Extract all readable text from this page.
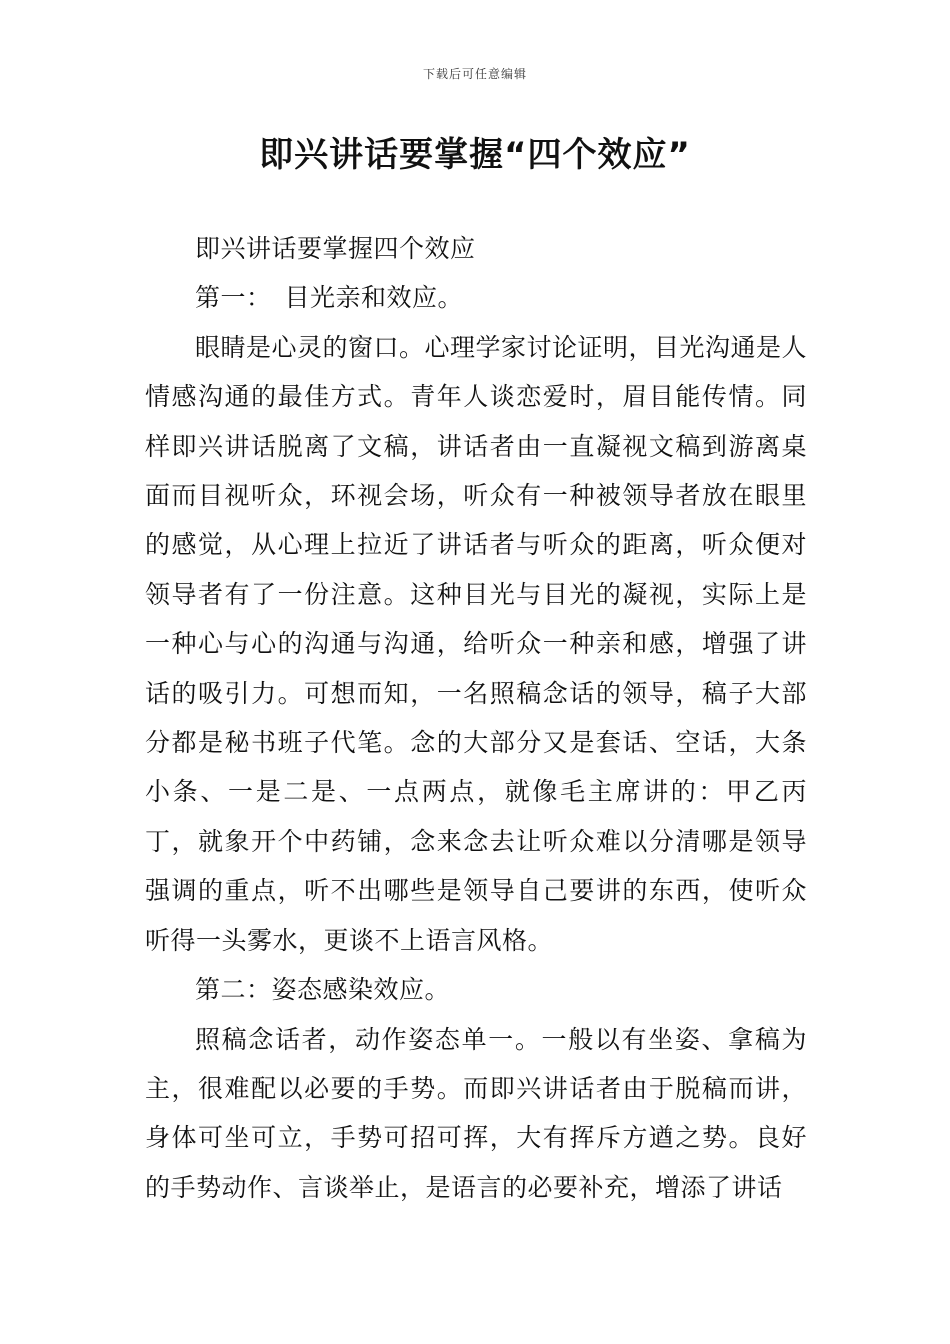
下载后可任意编辑
即兴讲话要掌握“四个效应”

即兴讲话要掌握四个效应

第一：　目光亲和效应。

眼睛是心灵的窗口。心理学家讨论证明，目光沟通是人情感沟通的最佳方式。青年人谈恋爱时，眉目能传情。同样即兴讲话脱离了文稿，讲话者由一直凝视文稿到游离桌面而目视听众，环视会场，听众有一种被领导者放在眼里的感觉，从心理上拉近了讲话者与听众的距离，听众便对领导者有了一份注意。这种目光与目光的凝视，实际上是一种心与心的沟通与沟通，给听众一种亲和感，增强了讲话的吸引力。可想而知，一名照稿念话的领导，稿子大部分都是秘书班子代笔。念的大部分又是套话、空话，大条小条、一是二是、一点两点，就像毛主席讲的：甲乙丙丁，就象开个中药铺，念来念去让听众难以分清哪是领导强调的重点，听不出哪些是领导自己要讲的东西，使听众听得一头雾水，更谈不上语言风格。

第二：姿态感染效应。

照稿念话者，动作姿态单一。一般以有坐姿、拿稿为主，很难配以必要的手势。而即兴讲话者由于脱稿而讲，身体可坐可立，手势可招可挥，大有挥斥方遒之势。良好的手势动作、言谈举止，是语言的必要补充，增添了讲话
